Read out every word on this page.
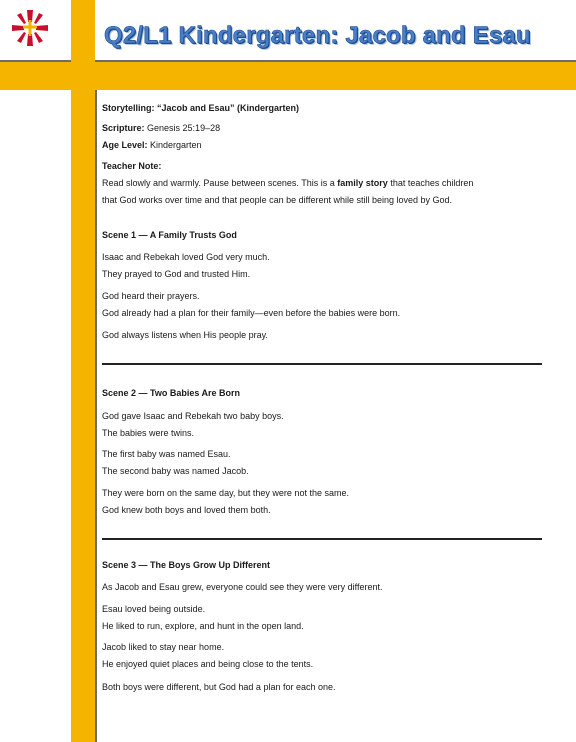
Q2/L1 Kindergarten: Jacob and Esau

Storytelling: “Jacob and Esau” (Kindergarten)

Scripture: Genesis 25:19–28

Age Level: Kindergarten

Teacher Note:

Read slowly and warmly. Pause between scenes. This is a family story that teaches children

that God works over time and that people can be different while still being loved by God.

Scene 1 — A Family Trusts God

Isaac and Rebekah loved God very much.

They prayed to God and trusted Him.

God heard their prayers.

God already had a plan for their family—even before the babies were born.

God always listens when His people pray.

Scene 2 — Two Babies Are Born

God gave Isaac and Rebekah two baby boys.

The babies were twins.

The first baby was named Esau.

The second baby was named Jacob.

They were born on the same day, but they were not the same.

God knew both boys and loved them both.

Scene 3 — The Boys Grow Up Different

As Jacob and Esau grew, everyone could see they were very different.

Esau loved being outside.

He liked to run, explore, and hunt in the open land.

Jacob liked to stay near home.

He enjoyed quiet places and being close to the tents.

Both boys were different, but God had a plan for each one.
